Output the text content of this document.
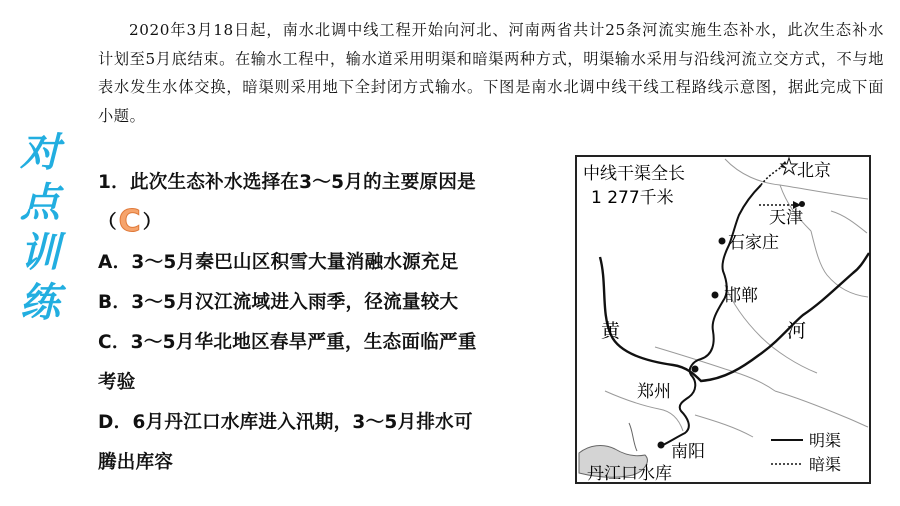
2020年3月18日起，南水北调中线工程开始向河北、河南两省共计25条河流实施生态补水，此次生态补水计划至5月底结束。在输水工程中，输水道采用明渠和暗渠两种方式，明渠输水采用与沿线河流立交方式，不与地表水发生水体交换，暗渠则采用地下全封闭方式输水。下图是南水北调中线干线工程路线示意图，据此完成下面小题。
对
点
训
练
1．此次生态补水选择在3～5月的主要原因是
（C）
A．3～5月秦巴山区积雪大量消融水源充足
B．3～5月汉江流域进入雨季，径流量较大
C．3～5月华北地区春旱严重，生态面临严重
考验
D．6月丹江口水库进入汛期，3～5月排水可
腾出库容
中线干渠全长
1 277千米
北京
天津
石家庄
邯郸
郑州
南阳
丹江口水库
黄	河
明渠
暗渠
